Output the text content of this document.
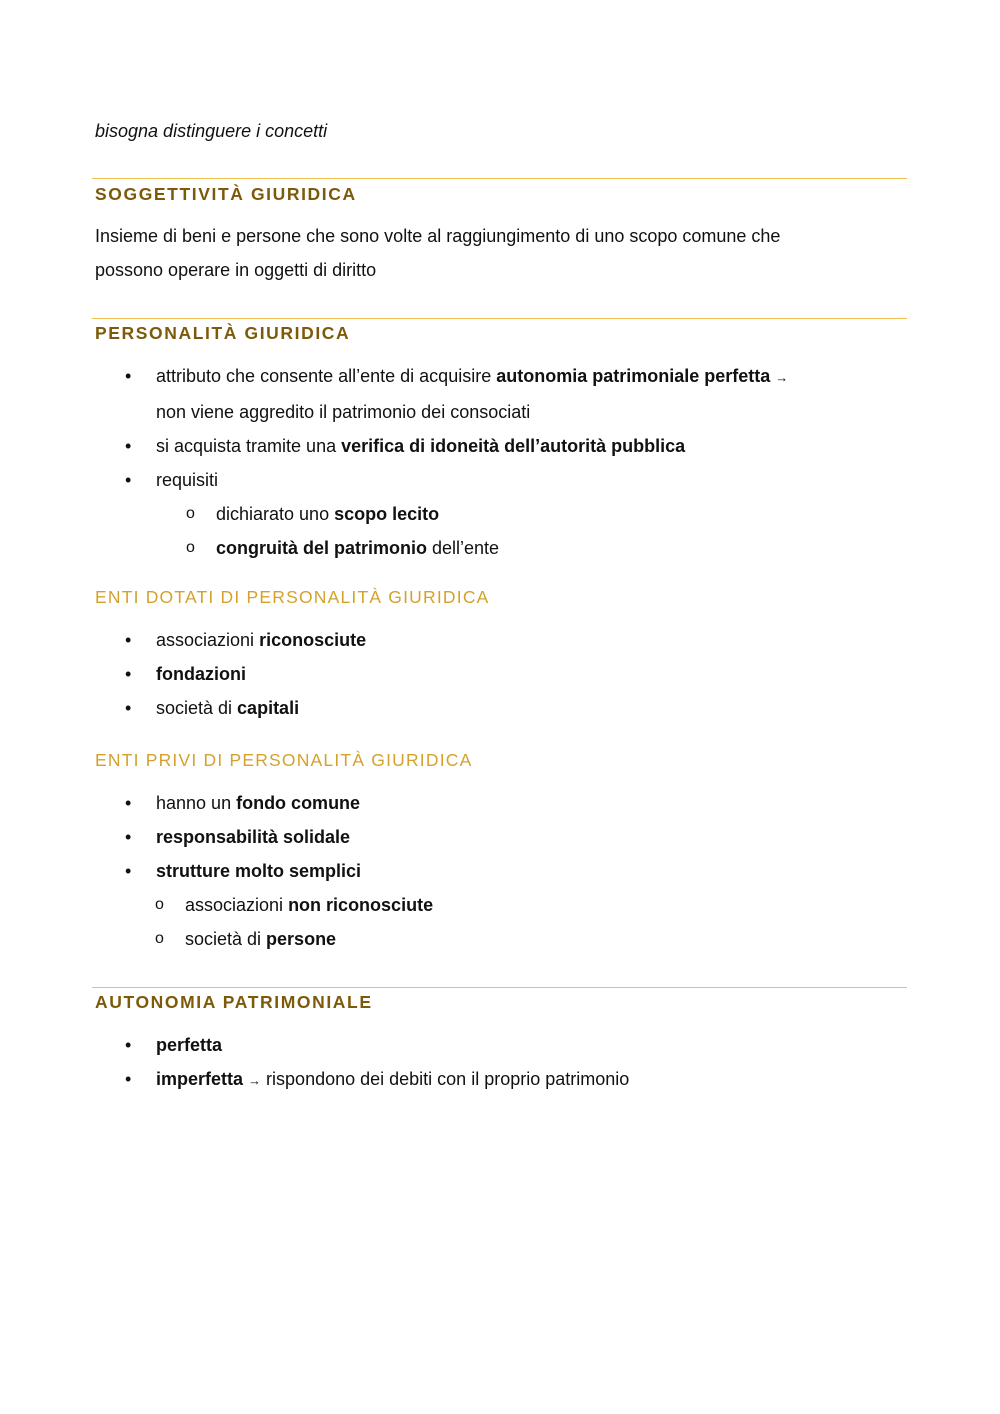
bisogna distinguere i concetti
SOGGETTIVITÀ GIURIDICA
Insieme di beni e persone che sono volte al raggiungimento di uno scopo comune che
possono operare in oggetti di diritto
PERSONALITÀ GIURIDICA
• attributo che consente all’ente di acquisire autonomia patrimoniale perfetta →
non viene aggredito il patrimonio dei consociati
• si acquista tramite una verifica di idoneità dell’autorità pubblica
• requisiti
o dichiarato uno scopo lecito
o congruità del patrimonio dell’ente
ENTI DOTATI DI PERSONALITÀ GIURIDICA
• associazioni riconosciute
• fondazioni
• società di capitali
ENTI PRIVI DI PERSONALITÀ GIURIDICA
• hanno un fondo comune
• responsabilità solidale
• strutture molto semplici
o associazioni non riconosciute
o società di persone
AUTONOMIA PATRIMONIALE
• perfetta
• imperfetta → rispondono dei debiti con il proprio patrimonio
